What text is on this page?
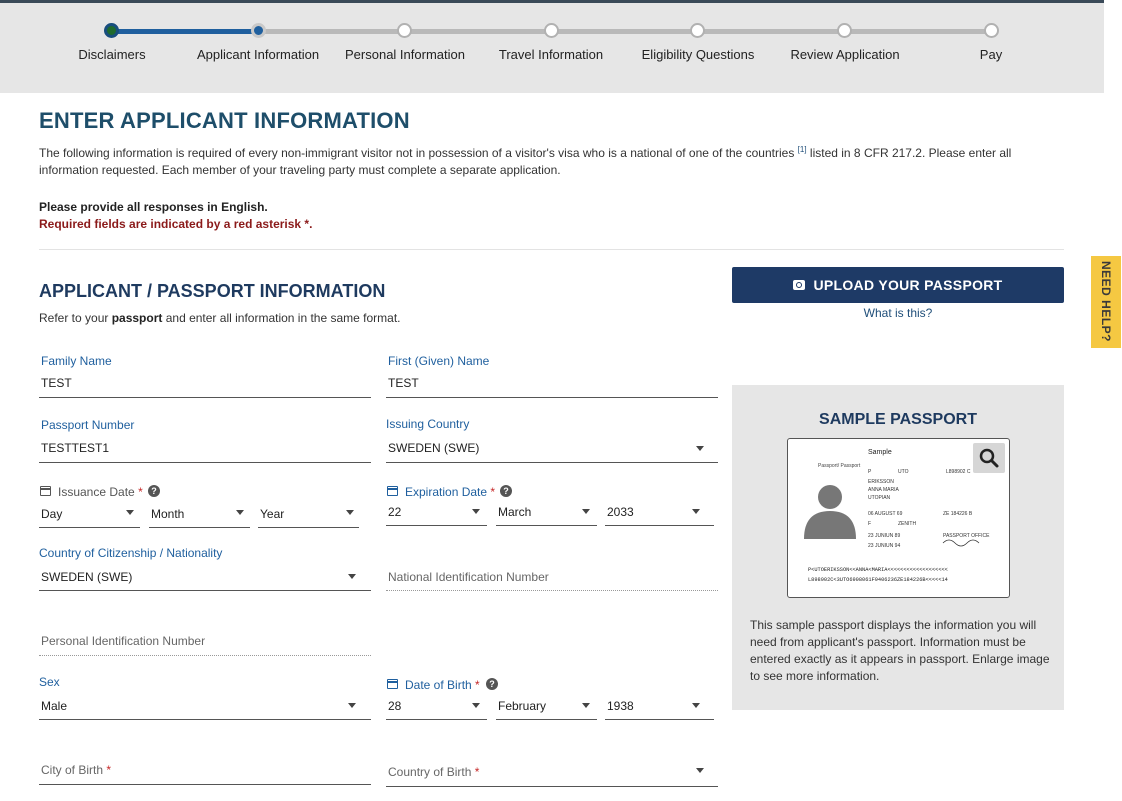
Disclaimers	Applicant Information	Personal Information	Travel Information	Eligibility Questions	Review Application	Pay
ENTER APPLICANT INFORMATION

The following information is required of every non-immigrant visitor not in possession of a visitor's visa who is a national of one of the countries [1] listed in 8 CFR 217.2. Please enter all information requested. Each member of your traveling party must complete a separate application.

Please provide all responses in English.
Required fields are indicated by a red asterisk *.
APPLICANT / PASSPORT INFORMATION
Refer to your passport and enter all information in the same format.
Family Name
TEST
First (Given) Name
TEST
Passport Number
TESTTEST1
Issuing Country
SWEDEN (SWE)
Issuance Date * ?
Day	Month	Year
Expiration Date * ?
22	March	2033
Country of Citizenship / Nationality
SWEDEN (SWE)	National Identification Number
Personal Identification Number
Sex
Male
Date of Birth *	?
28	February	1938
City of Birth *	Country of Birth *
UPLOAD YOUR PASSPORT
What is this?
SAMPLE PASSPORT
Sample
Passport/ Passport
P	UTO	L898902 C
ERIKSSON
ANNA MARIA
UTOPIAN
06 AUGUST 69	ZE 184226 B
F	ZENITH
23 JUNIUN 89	PASSPORT OFFICE
23 JUNIUN 94
P<UTOERIKSSON<<ANNA<MARIA<<<<<<<<<<<<<<<<<<<
L898902C<3UTO6908061F9406236ZE184226B<<<<<14
This sample passport displays the information you will need from applicant's passport. Information must be entered exactly as it appears in passport. Enlarge image to see more information.
NEED HELP?
